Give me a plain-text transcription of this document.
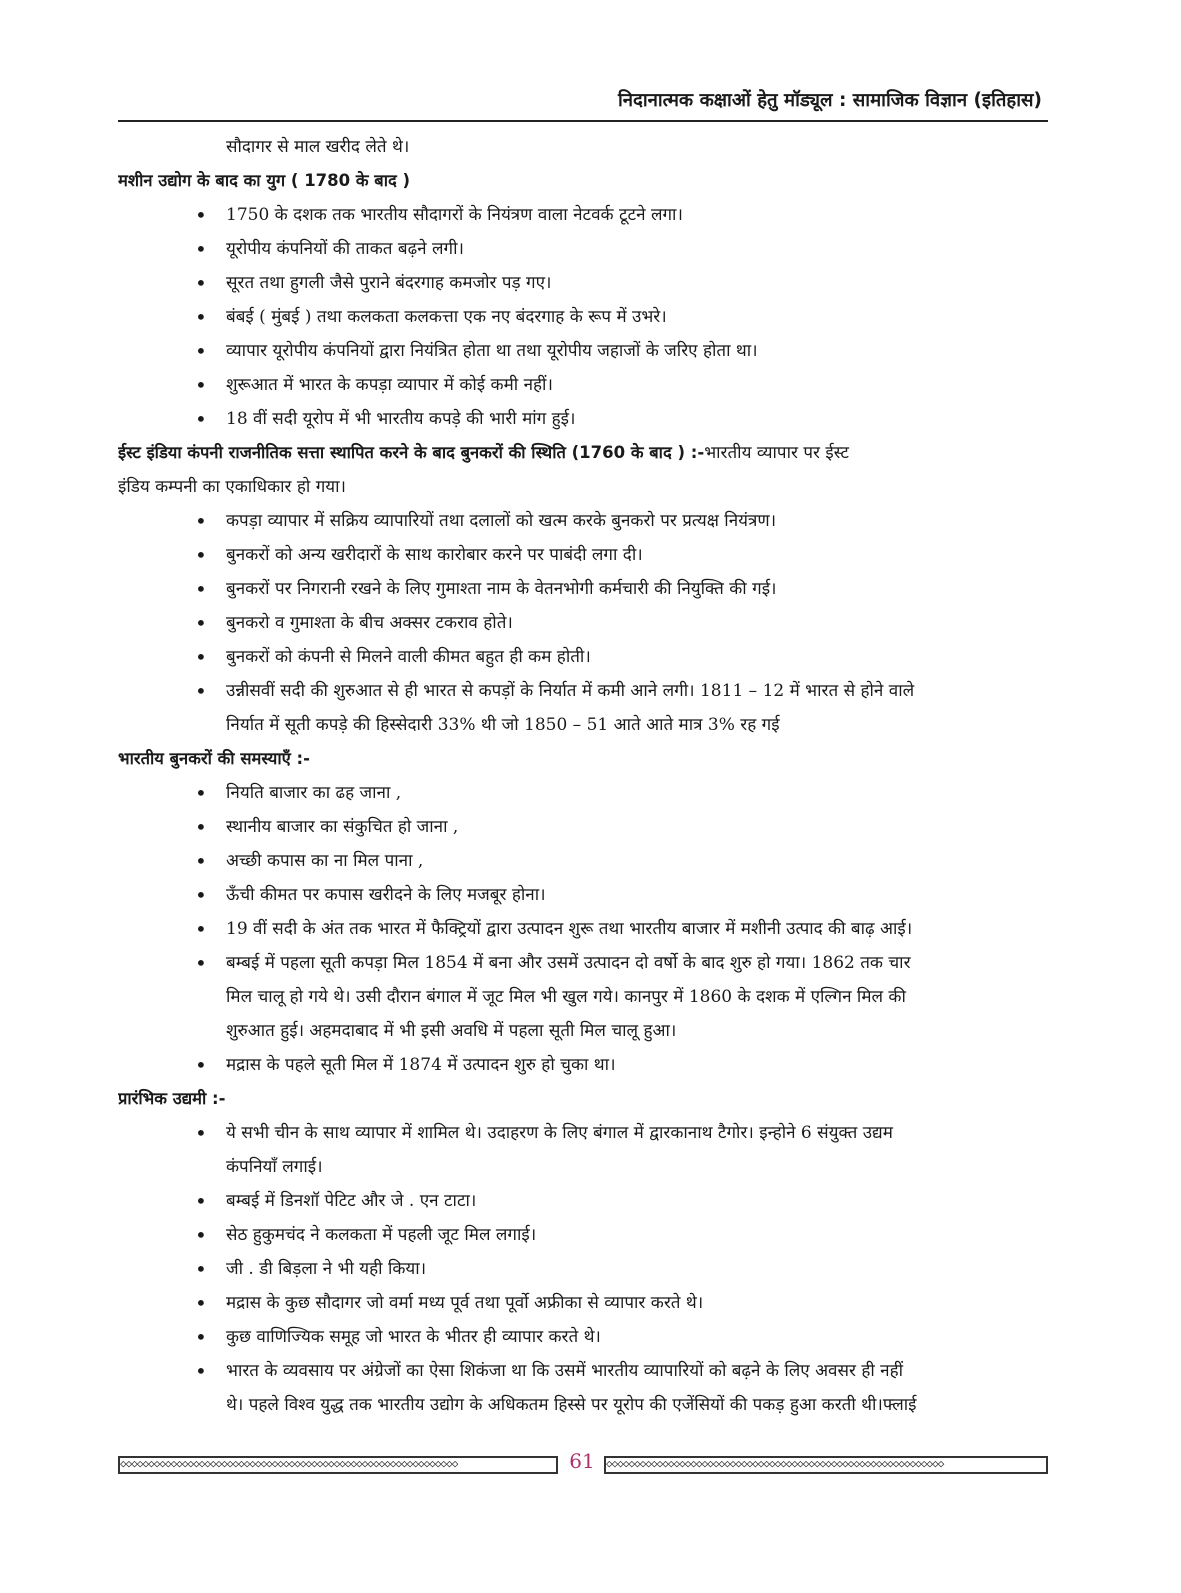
निदानात्मक कक्षाओं हेतु मॉड्यूल : सामाजिक विज्ञान (इतिहास)
सौदागर से माल खरीद लेते थे।
मशीन उद्योग के बाद का युग ( 1780 के बाद )
• 1750 के दशक तक भारतीय सौदागरों के नियंत्रण वाला नेटवर्क टूटने लगा।
• यूरोपीय कंपनियों की ताकत बढ़ने लगी।
• सूरत तथा हुगली जैसे पुराने बंदरगाह कमजोर पड़ गए।
• बंबई ( मुंबई ) तथा कलकता कलकत्ता एक नए बंदरगाह के रूप में उभरे।
• व्यापार यूरोपीय कंपनियों द्वारा नियंत्रित होता था तथा यूरोपीय जहाजों के जरिए होता था।
• शुरूआत में भारत के कपड़ा व्यापार में कोई कमी नहीं।
• 18 वीं सदी यूरोप में भी भारतीय कपड़े की भारी मांग हुई।
ईस्ट इंडिया कंपनी राजनीतिक सत्ता स्थापित करने के बाद बुनकरों की स्थिति (1760 के बाद ) :-भारतीय व्यापार पर ईस्ट
इंडिय कम्पनी का एकाधिकार हो गया।
• कपड़ा व्यापार में सक्रिय व्यापारियों तथा दलालों को खत्म करके बुनकरो पर प्रत्यक्ष नियंत्रण।
• बुनकरों को अन्य खरीदारों के साथ कारोबार करने पर पाबंदी लगा दी।
• बुनकरों पर निगरानी रखने के लिए गुमाश्ता नाम के वेतनभोगी कर्मचारी की नियुक्ति की गई।
• बुनकरो व गुमाश्ता के बीच अक्सर टकराव होते।
• बुनकरों को कंपनी से मिलने वाली कीमत बहुत ही कम होती।
• उन्नीसवीं सदी की शुरुआत से ही भारत से कपड़ों के निर्यात में कमी आने लगी। 1811 – 12 में भारत से होने वाले
निर्यात में सूती कपड़े की हिस्सेदारी 33% थी जो 1850 – 51 आते आते मात्र 3% रह गई
भारतीय बुनकरों की समस्याएँ :-
• नियति बाजार का ढह जाना ,
• स्थानीय बाजार का संकुचित हो जाना ,
• अच्छी कपास का ना मिल पाना ,
• ऊँची कीमत पर कपास खरीदने के लिए मजबूर होना।
• 19 वीं सदी के अंत तक भारत में फैक्ट्रियों द्वारा उत्पादन शुरू तथा भारतीय बाजार में मशीनी उत्पाद की बाढ़ आई।
• बम्बई में पहला सूती कपड़ा मिल 1854 में बना और उसमें उत्पादन दो वर्षो के बाद शुरु हो गया। 1862 तक चार
मिल चालू हो गये थे। उसी दौरान बंगाल में जूट मिल भी खुल गये। कानपुर में 1860 के दशक में एल्गिन मिल की
शुरुआत हुई। अहमदाबाद में भी इसी अवधि में पहला सूती मिल चालू हुआ।
• मद्रास के पहले सूती मिल में 1874 में उत्पादन शुरु हो चुका था।
प्रारंभिक उद्यमी :-
• ये सभी चीन के साथ व्यापार में शामिल थे। उदाहरण के लिए बंगाल में द्वारकानाथ टैगोर। इन्होने 6 संयुक्त उद्यम
कंपनियाँ लगाई।
• बम्बई में डिनशॉ पेटिट और जे . एन टाटा।
• सेठ हुकुमचंद ने कलकता में पहली जूट मिल लगाई।
• जी . डी बिड़ला ने भी यही किया।
• मद्रास के कुछ सौदागर जो वर्मा मध्य पूर्व तथा पूर्वो अफ्रीका से व्यापार करते थे।
• कुछ वाणिज्यिक समूह जो भारत के भीतर ही व्यापार करते थे।
• भारत के व्यवसाय पर अंग्रेजों का ऐसा शिकंजा था कि उसमें भारतीय व्यापारियों को बढ़ने के लिए अवसर ही नहीं
थे। पहले विश्व युद्ध तक भारतीय उद्योग के अधिकतम हिस्से पर यूरोप की एजेंसियों की पकड़ हुआ करती थी।फ्लाई
◇◇◇◇◇◇◇◇◇◇◇◇◇◇◇◇◇◇◇◇◇◇◇◇◇◇◇◇◇◇◇◇◇◇◇◇◇◇◇◇◇◇◇◇◇◇◇◇◇◇◇◇◇◇◇◇◇◇◇◇	61	◇◇◇◇◇◇◇◇◇◇◇◇◇◇◇◇◇◇◇◇◇◇◇◇◇◇◇◇◇◇◇◇◇◇◇◇◇◇◇◇◇◇◇◇◇◇◇◇◇◇◇◇◇◇◇◇◇◇◇◇
